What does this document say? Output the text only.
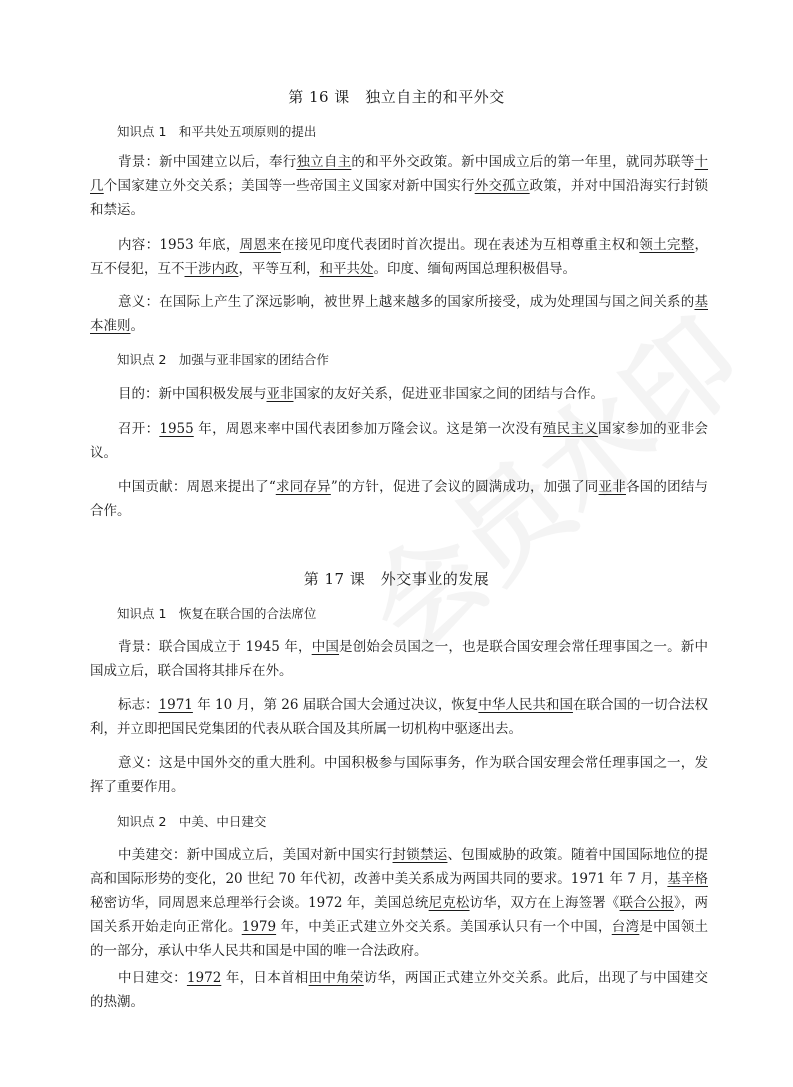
第 16 课　独立自主的和平外交
知识点 1　和平共处五项原则的提出
背景：新中国建立以后，奉行独立自主的和平外交政策。新中国成立后的第一年里，就同苏联等十几个国家建立外交关系；美国等一些帝国主义国家对新中国实行外交孤立政策，并对中国沿海实行封锁和禁运。
内容：1953 年底，周恩来在接见印度代表团时首次提出。现在表述为互相尊重主权和领土完整，互不侵犯，互不干涉内政，平等互利，和平共处。印度、缅甸两国总理积极倡导。
意义：在国际上产生了深远影响，被世界上越来越多的国家所接受，成为处理国与国之间关系的基本准则。
知识点 2　加强与亚非国家的团结合作
目的：新中国积极发展与亚非国家的友好关系，促进亚非国家之间的团结与合作。
召开：1955 年，周恩来率中国代表团参加万隆会议。这是第一次没有殖民主义国家参加的亚非会议。
中国贡献：周恩来提出了“求同存异”的方针，促进了会议的圆满成功，加强了同亚非各国的团结与合作。
第 17 课　外交事业的发展
知识点 1　恢复在联合国的合法席位
背景：联合国成立于 1945 年，中国是创始会员国之一，也是联合国安理会常任理事国之一。新中国成立后，联合国将其排斥在外。
标志：1971 年 10 月，第 26 届联合国大会通过决议，恢复中华人民共和国在联合国的一切合法权利，并立即把国民党集团的代表从联合国及其所属一切机构中驱逐出去。
意义：这是中国外交的重大胜利。中国积极参与国际事务，作为联合国安理会常任理事国之一，发挥了重要作用。
知识点 2　中美、中日建交
中美建交：新中国成立后，美国对新中国实行封锁禁运、包围威胁的政策。随着中国国际地位的提高和国际形势的变化，20 世纪 70 年代初，改善中美关系成为两国共同的要求。1971 年 7 月，基辛格秘密访华，同周恩来总理举行会谈。1972 年，美国总统尼克松访华，双方在上海签署《联合公报》，两国关系开始走向正常化。1979 年，中美正式建立外交关系。美国承认只有一个中国，台湾是中国领土的一部分，承认中华人民共和国是中国的唯一合法政府。
中日建交：1972 年，日本首相田中角荣访华，两国正式建立外交关系。此后，出现了与中国建交的热潮。
